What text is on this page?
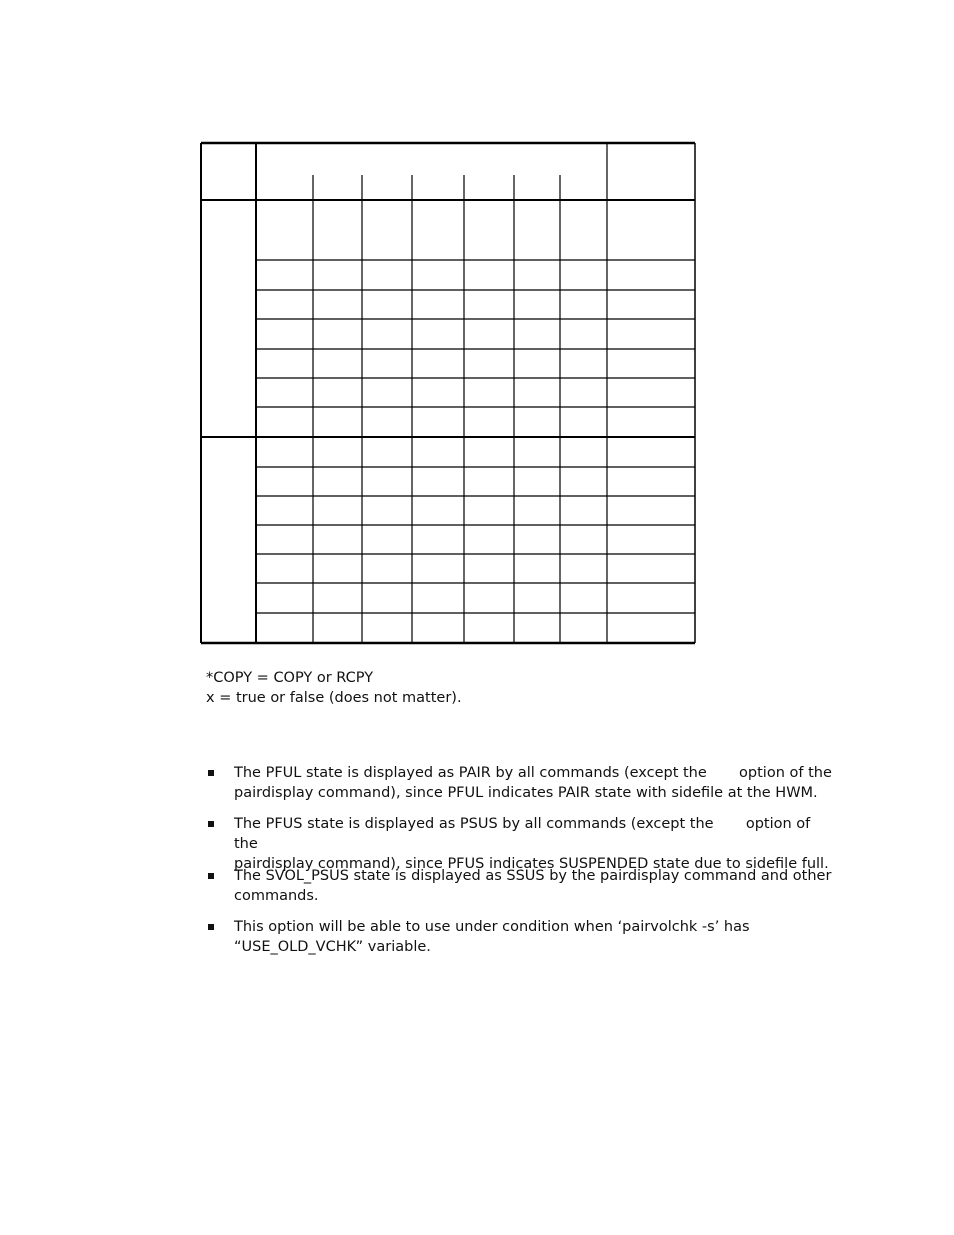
*COPY = COPY or RCPY
x = true or false (does not matter).
The PFUL state is displayed as PAIR by all commands (except the       option of the
pairdisplay command), since PFUL indicates PAIR state with sidefile at the HWM.
The PFUS state is displayed as PSUS by all commands (except the       option of the
pairdisplay command), since PFUS indicates SUSPENDED state due to sidefile full.
The SVOL_PSUS state is displayed as SSUS by the pairdisplay command and other
commands.
This option will be able to use under condition when ‘pairvolchk -s’ has
“USE_OLD_VCHK” variable.
